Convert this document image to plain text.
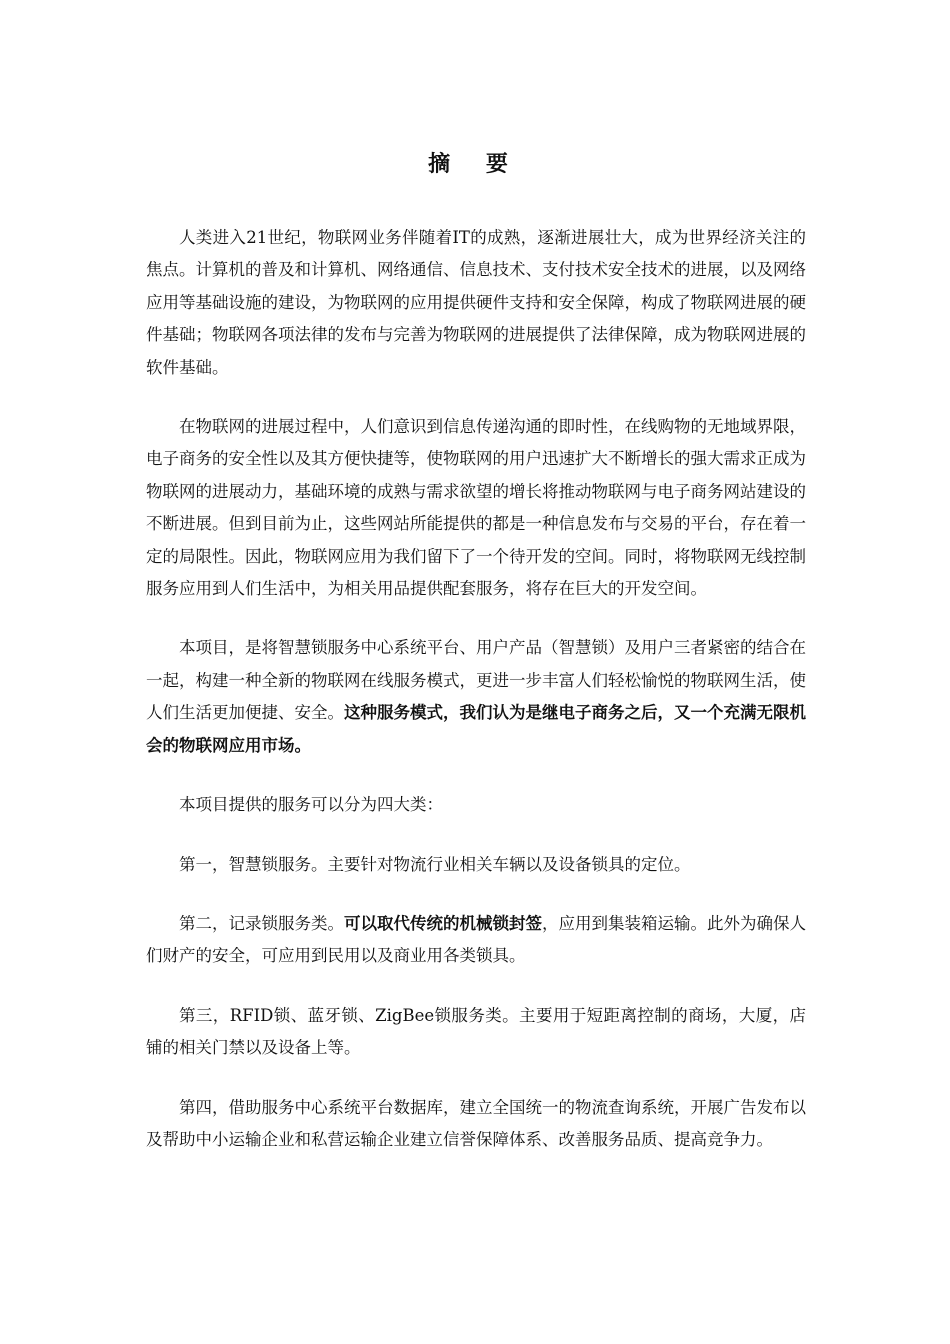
摘 要

人类进入21世纪，物联网业务伴随着IT的成熟，逐渐进展壮大，成为世界经济关注的焦点。计算机的普及和计算机、网络通信、信息技术、支付技术安全技术的进展，以及网络应用等基础设施的建设，为物联网的应用提供硬件支持和安全保障，构成了物联网进展的硬件基础；物联网各项法律的发布与完善为物联网的进展提供了法律保障，成为物联网进展的软件基础。

在物联网的进展过程中，人们意识到信息传递沟通的即时性，在线购物的无地域界限，电子商务的安全性以及其方便快捷等，使物联网的用户迅速扩大不断增长的强大需求正成为物联网的进展动力，基础环境的成熟与需求欲望的增长将推动物联网与电子商务网站建设的不断进展。但到目前为止，这些网站所能提供的都是一种信息发布与交易的平台，存在着一定的局限性。因此，物联网应用为我们留下了一个待开发的空间。同时，将物联网无线控制服务应用到人们生活中，为相关用品提供配套服务，将存在巨大的开发空间。

本项目，是将智慧锁服务中心系统平台、用户产品（智慧锁）及用户三者紧密的结合在一起，构建一种全新的物联网在线服务模式，更进一步丰富人们轻松愉悦的物联网生活，使人们生活更加便捷、安全。这种服务模式，我们认为是继电子商务之后，又一个充满无限机会的物联网应用市场。

本项目提供的服务可以分为四大类：

第一，智慧锁服务。主要针对物流行业相关车辆以及设备锁具的定位。

第二，记录锁服务类。可以取代传统的机械锁封签，应用到集装箱运输。此外为确保人们财产的安全，可应用到民用以及商业用各类锁具。

第三，RFID锁、蓝牙锁、ZigBee锁服务类。主要用于短距离控制的商场，大厦，店铺的相关门禁以及设备上等。

第四，借助服务中心系统平台数据库，建立全国统一的物流查询系统，开展广告发布以及帮助中小运输企业和私营运输企业建立信誉保障体系、改善服务品质、提高竞争力。
